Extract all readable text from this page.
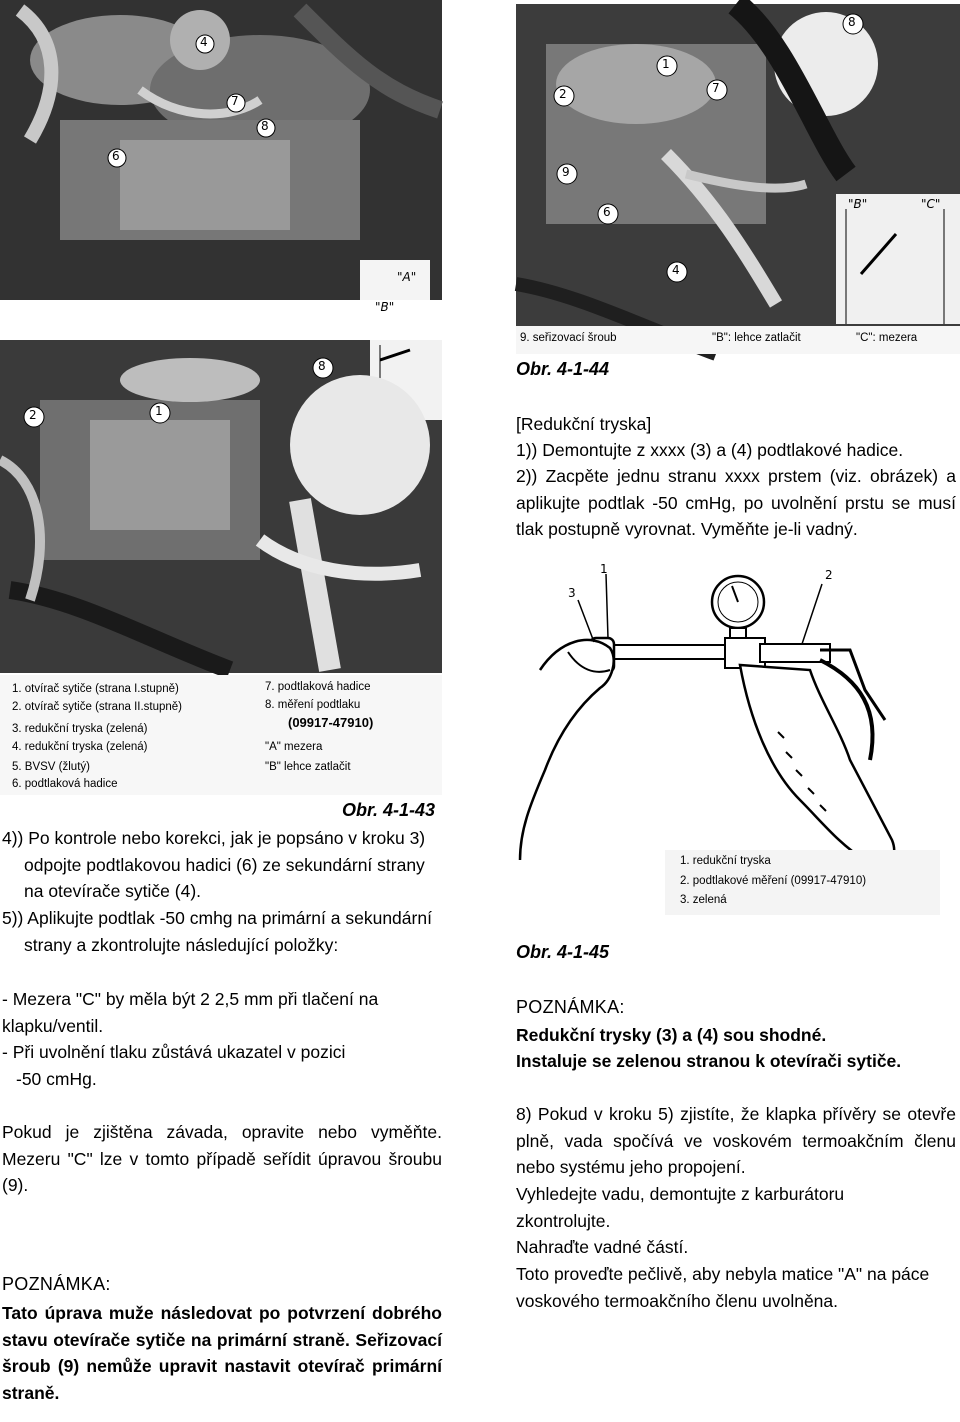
4
7
8
6
"A"
2	1
8
"B"
1. otvírač sytiče (strana I.stupně)
2. otvírač sytiče (strana II.stupně)
3. redukční tryska (zelená)
4. redukční tryska (zelená)
5. BVSV (žlutý)
6. podtlaková hadice
7. podtlaková hadice
8. měření podtlaku
(09917-47910)
"A" mezera
"B" lehce zatlačit
Obr. 4-1-43
8
1
2	7
9
6
4
"B"	"C"
9. seřizovací šroub	"B": lehce zatlačit	"C": mezera
Obr. 4-1-44
[Redukční tryska]
1)) Demontujte z xxxx (3) a (4) podtlakové hadice.
2)) Zacpěte jednu stranu xxxx prstem (viz. obrázek) a aplikujte podtlak -50 cmHg, po uvolnění prstu se musí tlak postupně vyrovnat. Vyměňte je-li vadný.
1	2
3
1. redukční tryska
2. podtlakové měření (09917-47910)
3. zelená
Obr. 4-1-45
POZNÁMKA:
Redukční trysky (3) a (4) sou shodné.
Instaluje se zelenou stranou k otevírači sytiče.
8) Pokud v kroku 5) zjistíte, že klapka přívěry se otevře plně, vada spočívá ve voskovém termoakčním členu nebo systému jeho propojení.
Vyhledejte vadu, demontujte z karburátoru zkontrolujte.
Nahraďte vadné částí.
Toto proveďte pečlivě, aby nebyla matice "A" na páce voskového termoakčního členu uvolněna.
4)) Po kontrole nebo korekci, jak je popsáno v kroku 3) odpojte podtlakovou hadici (6) ze sekundární strany na otevírače sytiče (4).
5)) Aplikujte podtlak -50 cmhg na primární a sekundární strany a zkontrolujte následující položky:
- Mezera "C" by měla být 2 2,5 mm při tlačení na klapku/ventil.
- Při uvolnění tlaku zůstává ukazatel v pozici -50 cmHg.
Pokud je zjištěna závada, opravite nebo vyměňte. Mezeru "C" lze v tomto případě seřídit úpravou šroubu (9).
POZNÁMKA:
Tato úprava muže následovat po potvrzení dobrého stavu otevírače sytiče na primární straně. Seřizovací šroub (9) nemůže upravit nastavit otevírač primární straně.
